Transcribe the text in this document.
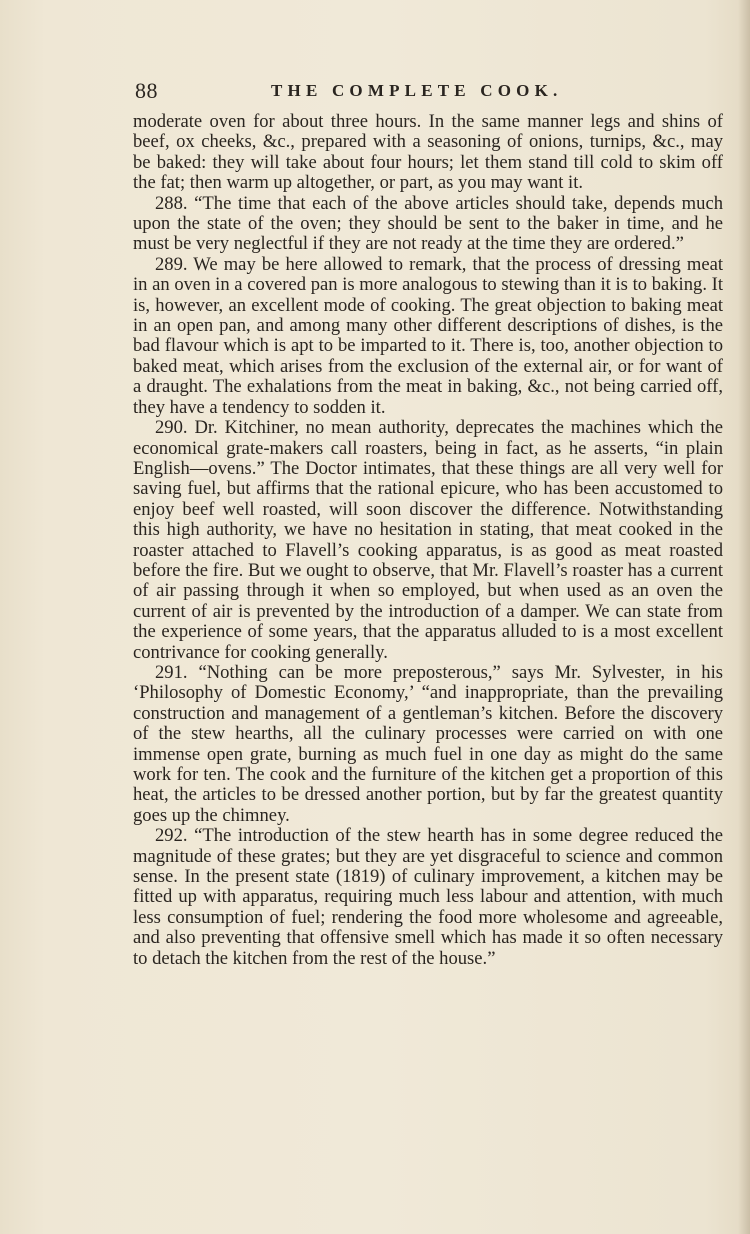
88	THE COMPLETE COOK.

moderate oven for about three hours. In the same manner legs and shins of beef, ox cheeks, &c., prepared with a seasoning of onions, turnips, &c., may be baked: they will take about four hours; let them stand till cold to skim off the fat; then warm up altogether, or part, as you may want it.

288. “The time that each of the above articles should take, depends much upon the state of the oven; they should be sent to the baker in time, and he must be very neglectful if they are not ready at the time they are ordered.”

289. We may be here allowed to remark, that the process of dressing meat in an oven in a covered pan is more analogous to stewing than it is to baking. It is, however, an excellent mode of cooking. The great objection to baking meat in an open pan, and among many other different descriptions of dishes, is the bad flavour which is apt to be imparted to it. There is, too, another objection to baked meat, which arises from the exclusion of the external air, or for want of a draught. The exhalations from the meat in baking, &c., not being carried off, they have a tendency to sodden it.

290. Dr. Kitchiner, no mean authority, deprecates the machines which the economical grate-makers call roasters, being in fact, as he asserts, “in plain English—ovens.” The Doctor intimates, that these things are all very well for saving fuel, but affirms that the rational epicure, who has been accustomed to enjoy beef well roasted, will soon discover the difference. Notwithstanding this high authority, we have no hesitation in stating, that meat cooked in the roaster attached to Flavell’s cooking apparatus, is as good as meat roasted before the fire. But we ought to observe, that Mr. Flavell’s roaster has a current of air passing through it when so employed, but when used as an oven the current of air is prevented by the introduction of a damper. We can state from the experience of some years, that the apparatus alluded to is a most excellent contrivance for cooking generally.

291. “Nothing can be more preposterous,” says Mr. Sylvester, in his ‘Philosophy of Domestic Economy,’ “and inappropriate, than the prevailing construction and management of a gentleman’s kitchen. Before the discovery of the stew hearths, all the culinary processes were carried on with one immense open grate, burning as much fuel in one day as might do the same work for ten. The cook and the furniture of the kitchen get a proportion of this heat, the articles to be dressed another portion, but by far the greatest quantity goes up the chimney.

292. “The introduction of the stew hearth has in some degree reduced the magnitude of these grates; but they are yet disgraceful to science and common sense. In the present state (1819) of culinary improvement, a kitchen may be fitted up with apparatus, requiring much less labour and attention, with much less consumption of fuel; rendering the food more wholesome and agreeable, and also preventing that offensive smell which has made it so often necessary to detach the kitchen from the rest of the house.”
